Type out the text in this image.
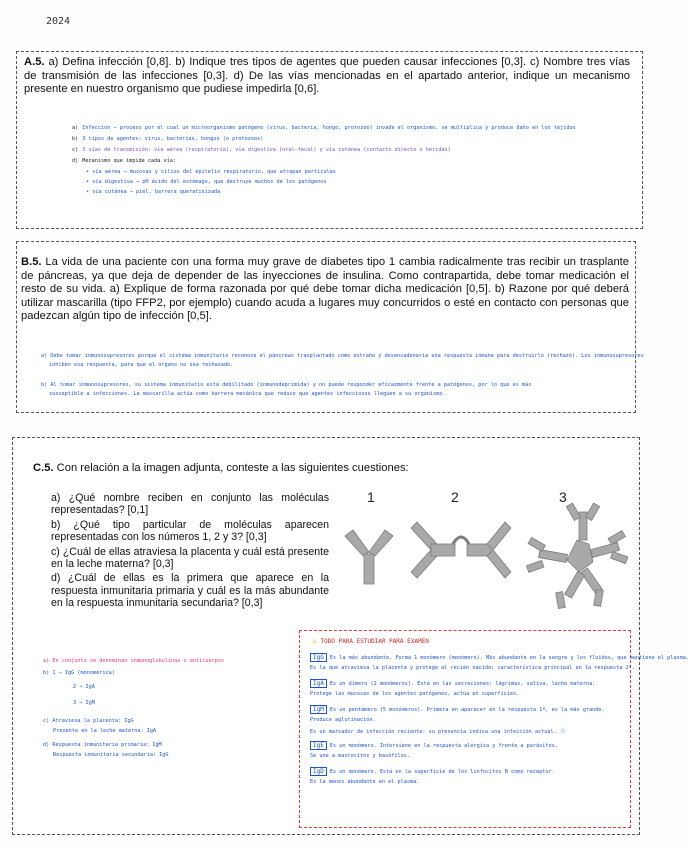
2024
A.5. a) Defina infección [0,8]. b) Indique tres tipos de agentes que pueden causar infecciones [0,3]. c) Nombre tres vías de transmisión de las infecciones [0,3]. d) De las vías mencionadas en el apartado anterior, indique un mecanismo presente en nuestro organismo que pudiese impedirla [0,6].
a) Infección → proceso por el cual un microorganismo patógeno (virus, bacteria, hongo, protozoo) invade el organismo, se multiplica y produce daño en los tejidos
b) 3 tipos de agentes: virus, bacterias, hongos (o protozoos)
c) 3 vías de transmisión: vía aérea (respiratoria), vía digestiva (oral-fecal) y vía cutánea (contacto directo o heridas)
d) Mecanismo que impide cada vía:
• vía aérea → mucosas y cilios del epitelio respiratorio, que atrapan partículas
• vía digestiva → pH ácido del estómago, que destruye muchos de los patógenos
• vía cutánea → piel, barrera queratinizada
B.5. La vida de una paciente con una forma muy grave de diabetes tipo 1 cambia radicalmente tras recibir un trasplante de páncreas, ya que deja de depender de las inyecciones de insulina. Como contrapartida, debe tomar medicación el resto de su vida. a) Explique de forma razonada por qué debe tomar dicha medicación [0,5]. b) Razone por qué deberá utilizar mascarilla (tipo FFP2, por ejemplo) cuando acuda a lugares muy concurridos o esté en contacto con personas que padezcan algún tipo de infección [0,5].
a) Debe tomar inmunosupresores porque el sistema inmunitario reconoce el páncreas trasplantado como extraño y desencadenaría una respuesta inmune para destruirlo (rechazo). Los inmunosupresores
inhiben esa respuesta, para que el órgano no sea rechazado.
b) Al tomar inmunosupresores, su sistema inmunitario está debilitado (inmunodeprimida) y no puede responder eficazmente frente a patógenos, por lo que es más
susceptible a infecciones. La mascarilla actúa como barrera mecánica que reduce que agentes infecciosos lleguen a su organismo.
C.5. Con relación a la imagen adjunta, conteste a las siguientes cuestiones:
a) ¿Qué nombre reciben en conjunto las moléculas representadas? [0,1]
b) ¿Qué tipo particular de moléculas aparecen representadas con los números 1, 2 y 3? [0,3]
c) ¿Cuál de ellas atraviesa la placenta y cuál está presente en la leche materna? [0,3]
d) ¿Cuál de ellas es la primera que aparece en la respuesta inmunitaria primaria y cuál es la más abundante en la respuesta inmunitaria secundaria? [0,3]
1	2	3
a) En conjunto se denominan inmunoglobulinas o anticuerpos
b) 1 → IgG (monomérica)
2 → IgA
3 → IgM
c) Atraviesa la placenta: IgG
Presente en la leche materna: IgA
d) Respuesta inmunitaria primaria: IgM
Respuesta inmunitaria secundaria: IgG
⚠ TODO PARA ESTUDIAR PARA EXAMEN
IgG Es la más abundante. Forma 1 monómero (monómero). Más abundante en la sangre y los fluidos, que mantiene el plasma.
Es la que atraviesa la placenta y protege al recién nacido; característica principal en la respuesta 2ª.
IgA Es un dímero (2 monómeros). Está en las secreciones: lágrimas, saliva, leche materna.
Protege las mucosas de los agentes patógenos, actúa en superficies.
IgM Es un pentámero (5 monómeros). Primera en aparecer en la respuesta 1ª, es la más grande.
Produce aglutinación.
Es un marcador de infección reciente: su presencia indica una infección actual. ☆
IgE Es un monómero. Interviene en la respuesta alérgica y frente a parásitos.
Se une a mastocitos y basófilos.
IgD Es un monómero. Está en la superficie de los linfocitos B como receptor.
Es la menos abundante en el plasma.
